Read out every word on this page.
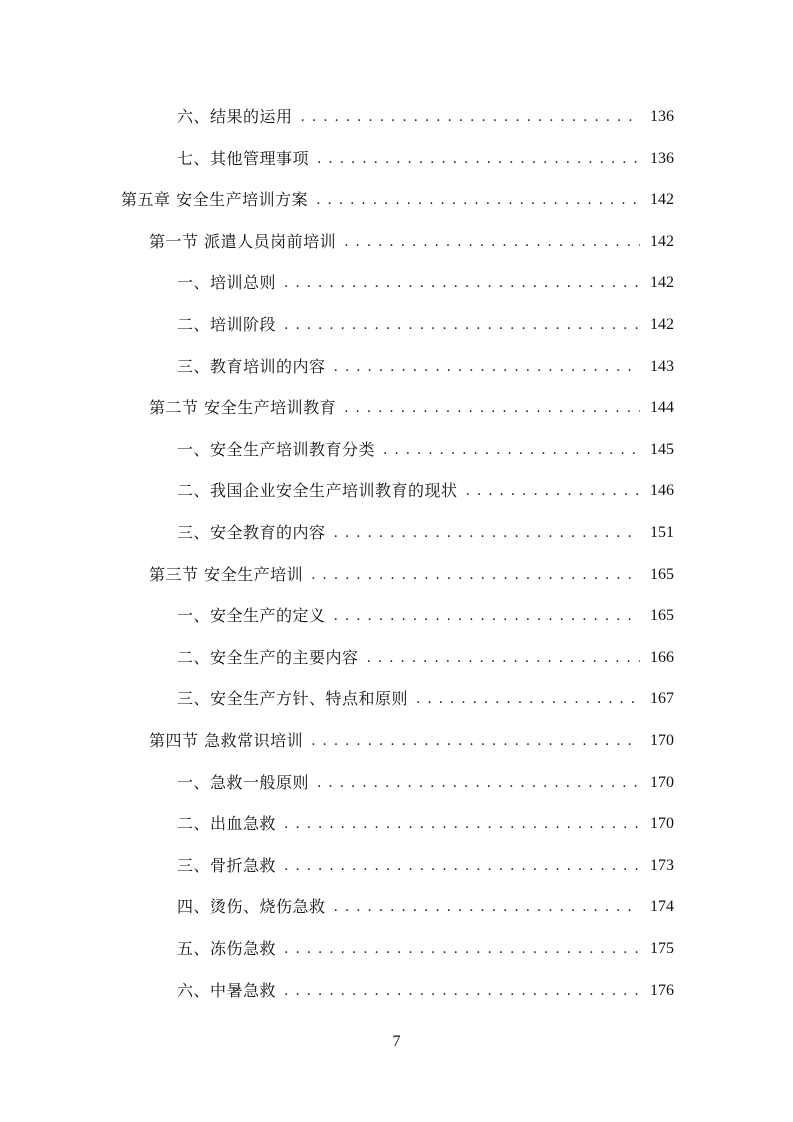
六、结果的运用 . . .	136
七、其他管理事项 . . .	136
第五章 安全生产培训方案 . . .	142
第一节 派遣人员岗前培训 . . .	142
一、培训总则 . . .	142
二、培训阶段 . . .	142
三、教育培训的内容 . . .	143
第二节 安全生产培训教育 . . .	144
一、安全生产培训教育分类 . . .	145
二、我国企业安全生产培训教育的现状 . . .	146
三、安全教育的内容 . . .	151
第三节 安全生产培训 . . .	165
一、安全生产的定义 . . .	165
二、安全生产的主要内容 . . .	166
三、安全生产方针、特点和原则 . . .	167
第四节 急救常识培训 . . .	170
一、急救一般原则 . . .	170
二、出血急救 . . .	170
三、骨折急救 . . .	173
四、烫伤、烧伤急救 . . .	174
五、冻伤急救 . . .	175
六、中暑急救 . . .	176
7
